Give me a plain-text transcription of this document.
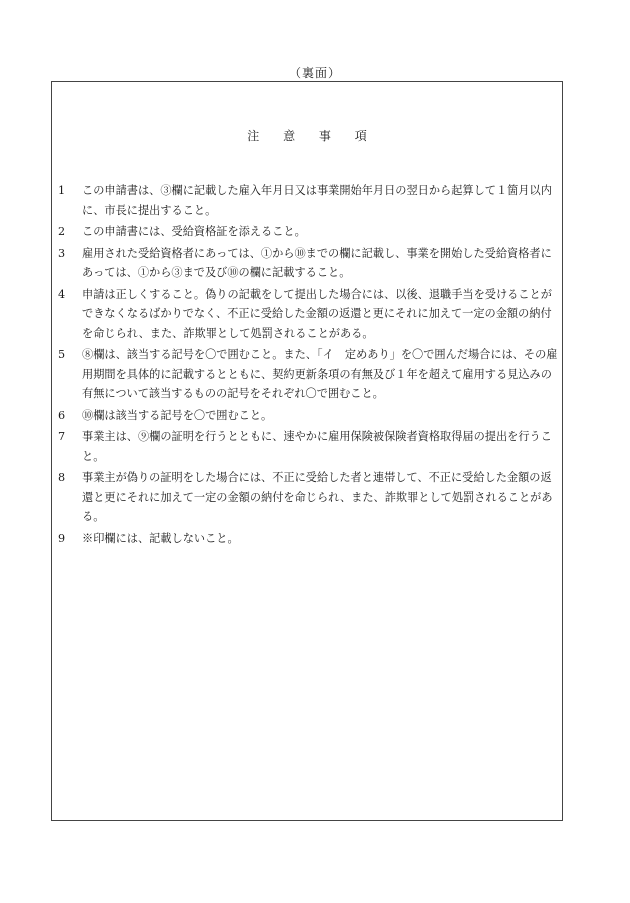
（裏面）
注 意 事 項
1	この申請書は、③欄に記載した雇入年月日又は事業開始年月日の翌日から起算して１箇月以内に、市長に提出すること。
2	この申請書には、受給資格証を添えること。
3	雇用された受給資格者にあっては、①から⑩までの欄に記載し、事業を開始した受給資格者にあっては、①から③まで及び⑩の欄に記載すること。
4	申請は正しくすること。偽りの記載をして提出した場合には、以後、退職手当を受けることができなくなるばかりでなく、不正に受給した金額の返還と更にそれに加えて一定の金額の納付を命じられ、また、詐欺罪として処罰されることがある。
5	⑧欄は、該当する記号を〇で囲むこと。また、「イ　定めあり」を〇で囲んだ場合には、その雇用期間を具体的に記載するとともに、契約更新条項の有無及び１年を超えて雇用する見込みの有無について該当するものの記号をそれぞれ〇で囲むこと。
6	⑩欄は該当する記号を〇で囲むこと。
7	事業主は、⑨欄の証明を行うとともに、速やかに雇用保険被保険者資格取得届の提出を行うこと。
8	事業主が偽りの証明をした場合には、不正に受給した者と連帯して、不正に受給した金額の返還と更にそれに加えて一定の金額の納付を命じられ、また、詐欺罪として処罰されることがある。
9	※印欄には、記載しないこと。
